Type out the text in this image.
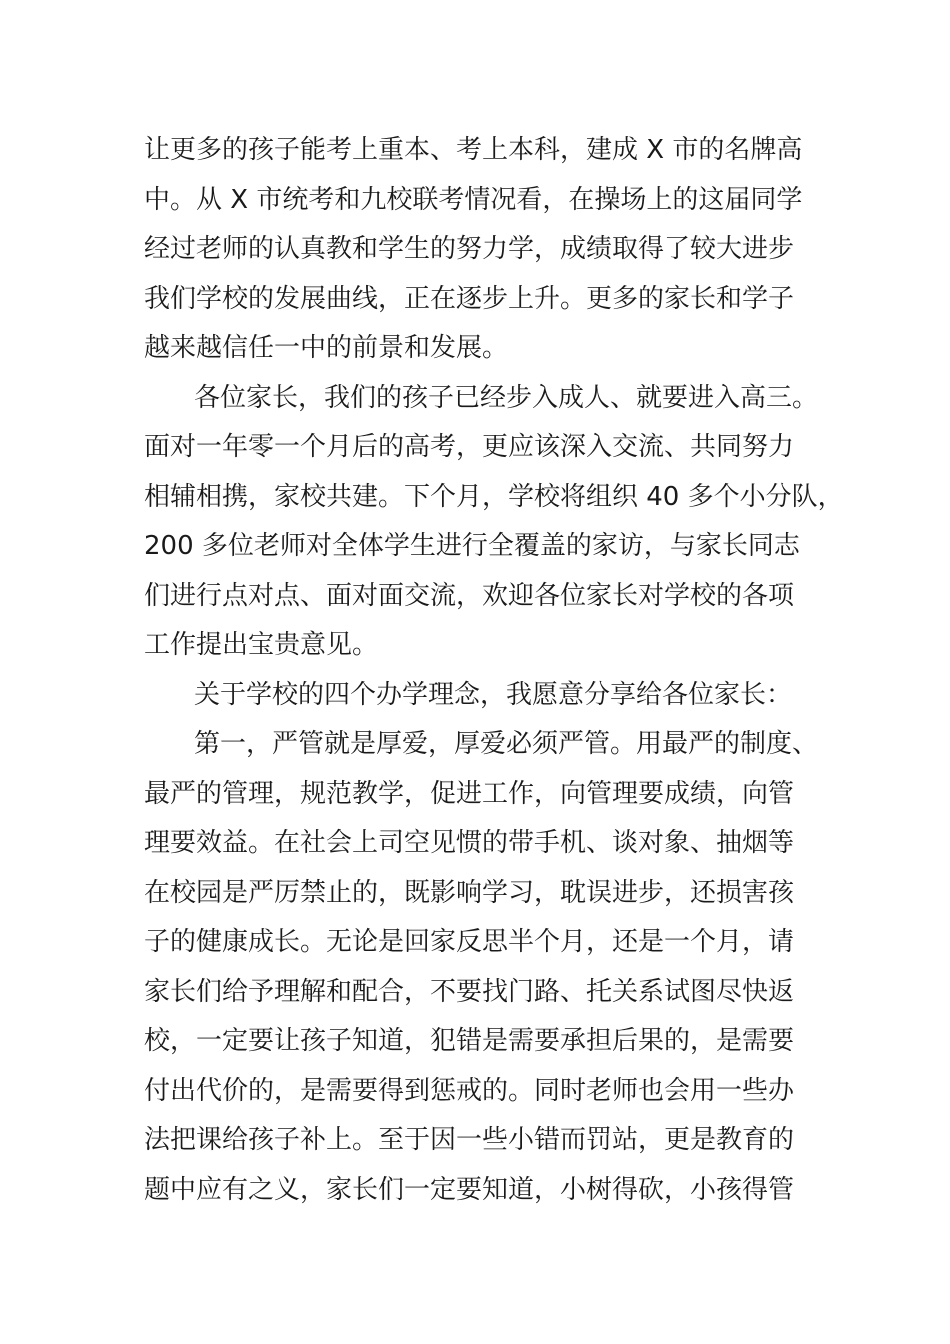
让更多的孩子能考上重本、考上本科，建成 X 市的名牌高
中。从 X 市统考和九校联考情况看，在操场上的这届同学
经过老师的认真教和学生的努力学，成绩取得了较大进步
我们学校的发展曲线，正在逐步上升。更多的家长和学子
越来越信任一中的前景和发展。
各位家长，我们的孩子已经步入成人、就要进入高三。
面对一年零一个月后的高考，更应该深入交流、共同努力
相辅相携，家校共建。下个月，学校将组织 40 多个小分队，
200 多位老师对全体学生进行全覆盖的家访，与家长同志
们进行点对点、面对面交流，欢迎各位家长对学校的各项
工作提出宝贵意见。
关于学校的四个办学理念，我愿意分享给各位家长：
第一，严管就是厚爱，厚爱必须严管。用最严的制度、
最严的管理，规范教学，促进工作，向管理要成绩，向管
理要效益。在社会上司空见惯的带手机、谈对象、抽烟等
在校园是严厉禁止的，既影响学习，耽误进步，还损害孩
子的健康成长。无论是回家反思半个月，还是一个月，请
家长们给予理解和配合，不要找门路、托关系试图尽快返
校，一定要让孩子知道，犯错是需要承担后果的，是需要
付出代价的，是需要得到惩戒的。同时老师也会用一些办
法把课给孩子补上。至于因一些小错而罚站，更是教育的
题中应有之义，家长们一定要知道，小树得砍，小孩得管
